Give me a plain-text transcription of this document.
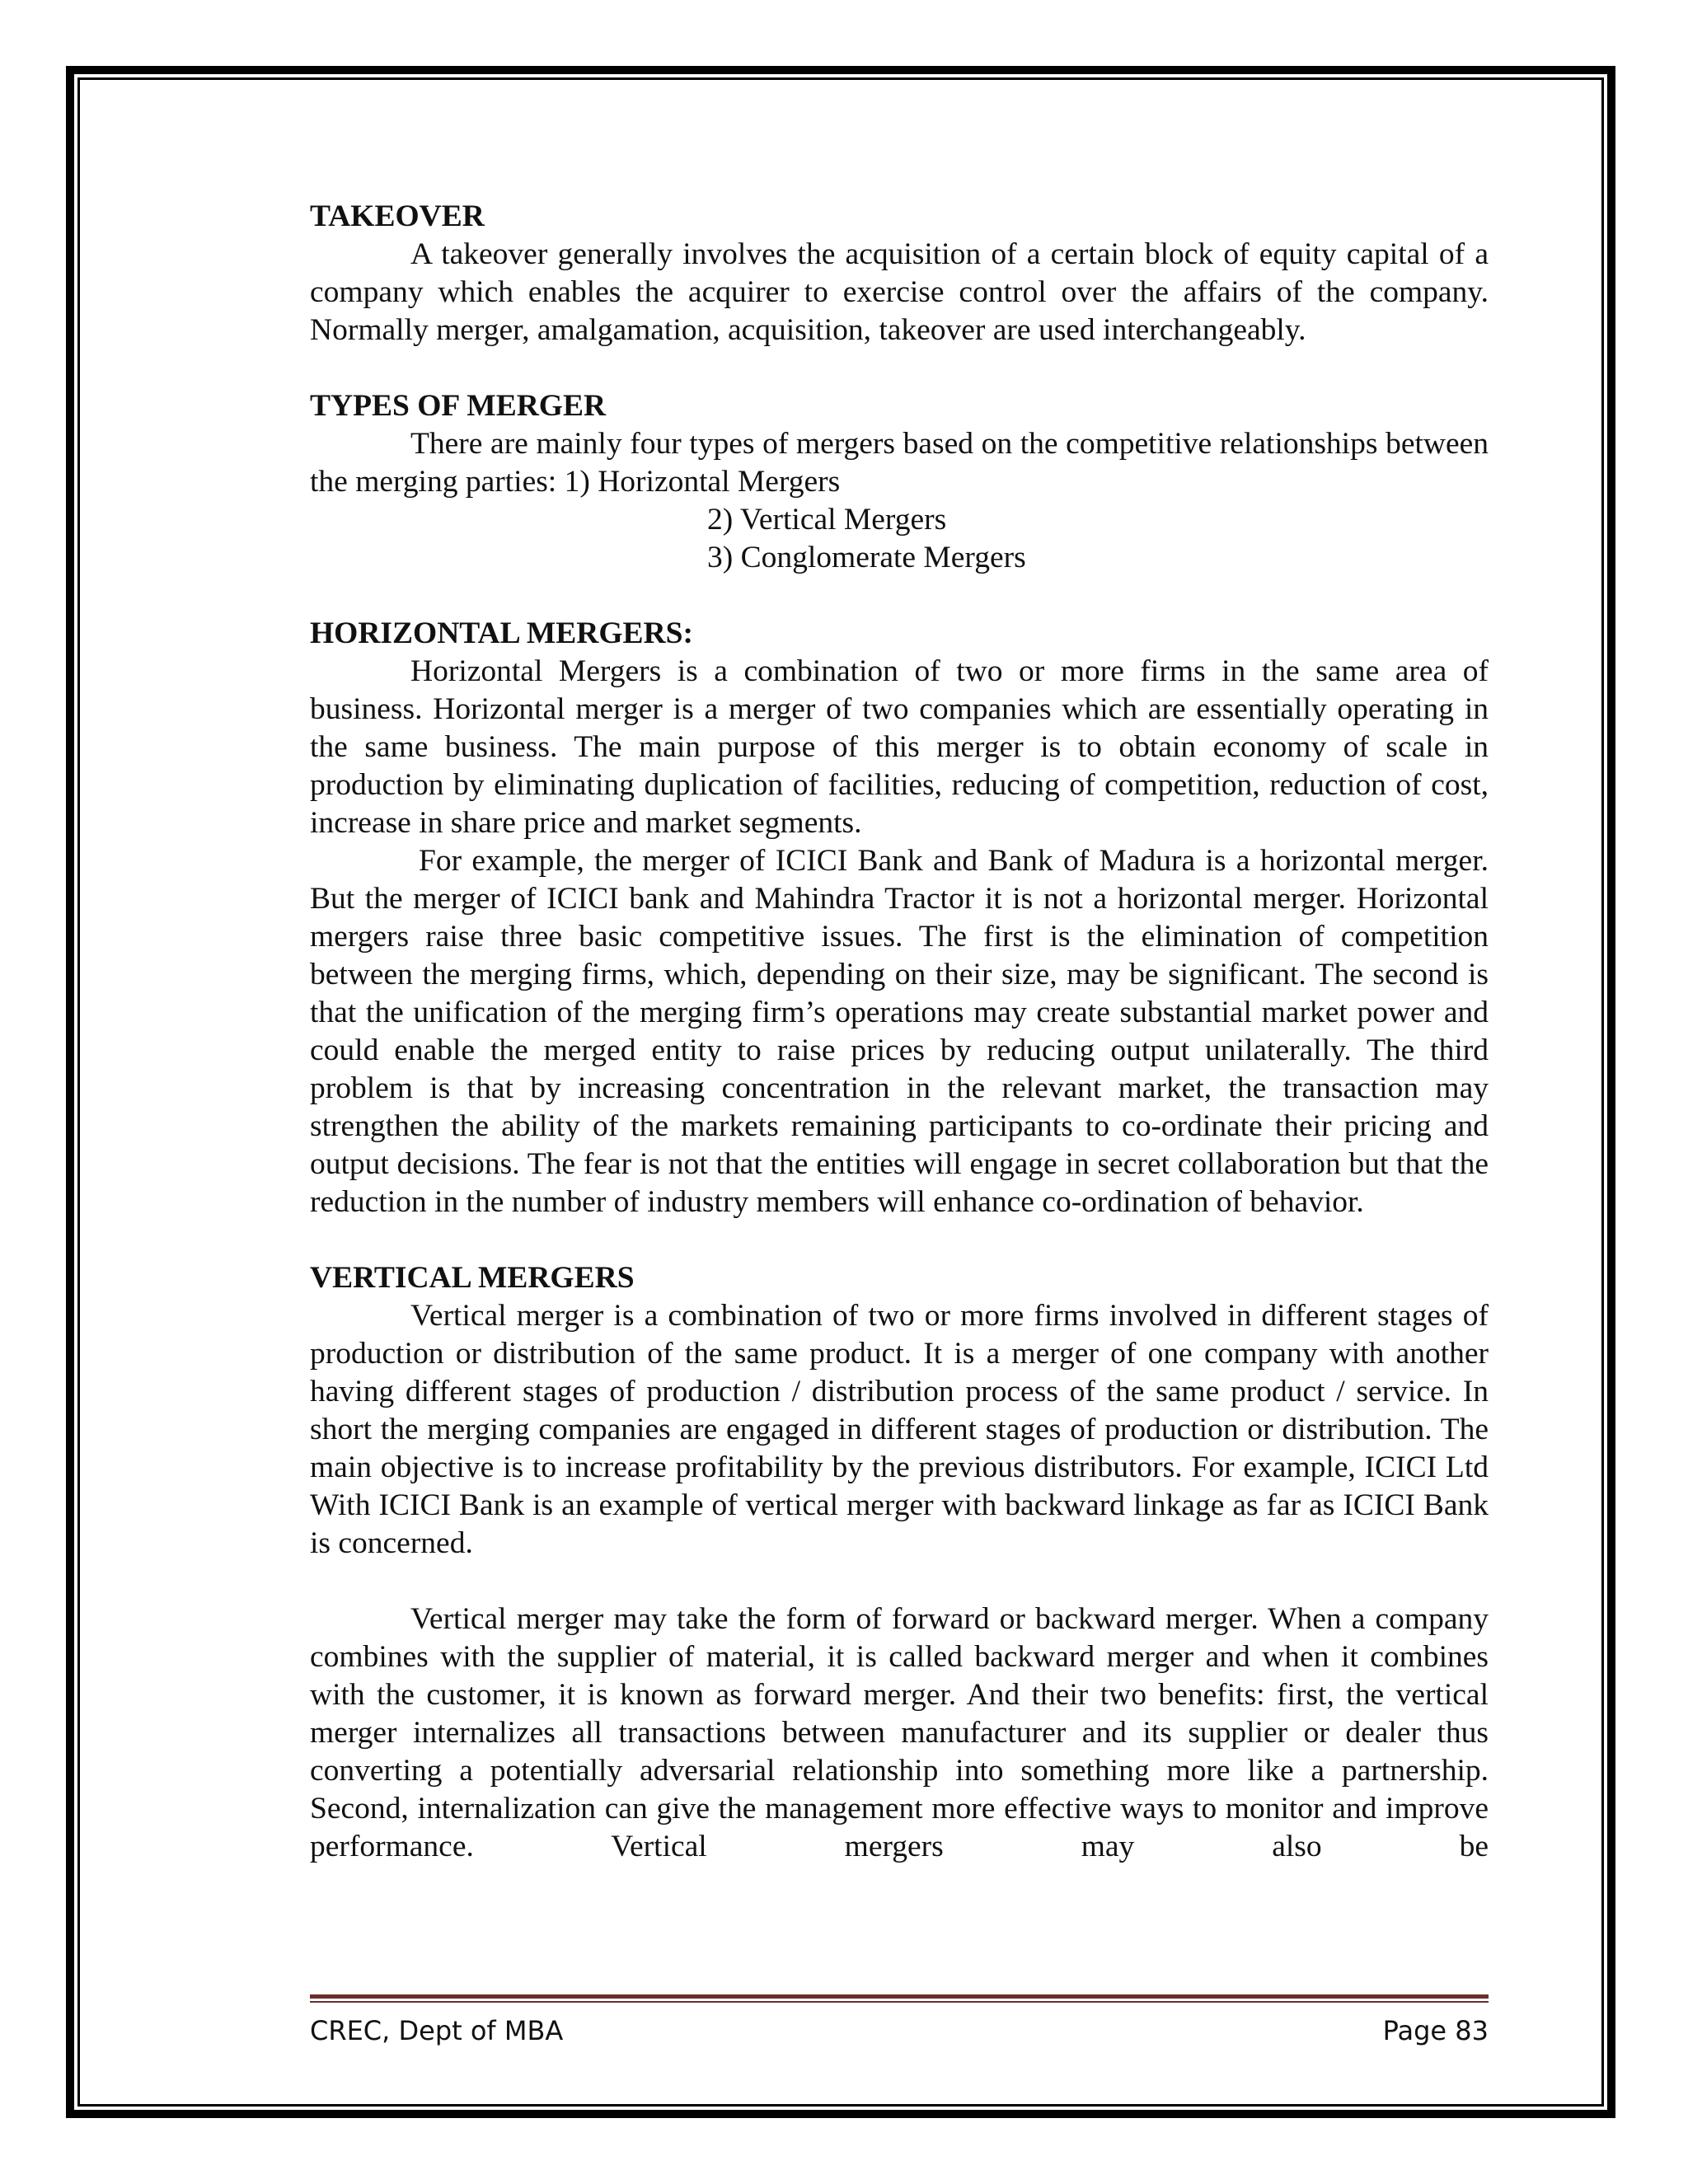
TAKEOVER

A takeover generally involves the acquisition of a certain block of equity capital of a company which enables the acquirer to exercise control over the affairs of the company. Normally merger, amalgamation, acquisition, takeover are used interchangeably.

TYPES OF MERGER

There are mainly four types of mergers based on the competitive relationships between the merging parties: 1) Horizontal Mergers

2) Vertical Mergers

3) Conglomerate Mergers

HORIZONTAL MERGERS:

Horizontal Mergers is a combination of two or more firms in the same area of business. Horizontal merger is a merger of two companies which are essentially operating in the same business. The main purpose of this merger is to obtain economy of scale in production by eliminating duplication of facilities, reducing of competition, reduction of cost, increase in share price and market segments.

For example, the merger of ICICI Bank and Bank of Madura is a horizontal merger. But the merger of ICICI bank and Mahindra Tractor it is not a horizontal merger. Horizontal mergers raise three basic competitive issues. The first is the elimination of competition between the merging firms, which, depending on their size, may be significant. The second is that the unification of the merging firm’s operations may create substantial market power and could enable the merged entity to raise prices by reducing output unilaterally. The third problem is that by increasing concentration in the relevant market, the transaction may strengthen the ability of the markets remaining participants to co-ordinate their pricing and output decisions. The fear is not that the entities will engage in secret collaboration but that the reduction in the number of industry members will enhance co-ordination of behavior.

VERTICAL MERGERS

Vertical merger is a combination of two or more firms involved in different stages of production or distribution of the same product. It is a merger of one company with another having different stages of production / distribution process of the same product / service. In short the merging companies are engaged in different stages of production or distribution. The main objective is to increase profitability by the previous distributors. For example, ICICI Ltd With ICICI Bank is an example of vertical merger with backward linkage as far as ICICI Bank is concerned.

Vertical merger may take the form of forward or backward merger. When a company combines with the supplier of material, it is called backward merger and when it combines with the customer, it is known as forward merger. And their two benefits: first, the vertical merger internalizes all transactions between manufacturer and its supplier or dealer thus converting a potentially adversarial relationship into something more like a partnership. Second, internalization can give the management more effective ways to monitor and improve performance. Vertical mergers may also be

CREC, Dept of MBA	Page 83
